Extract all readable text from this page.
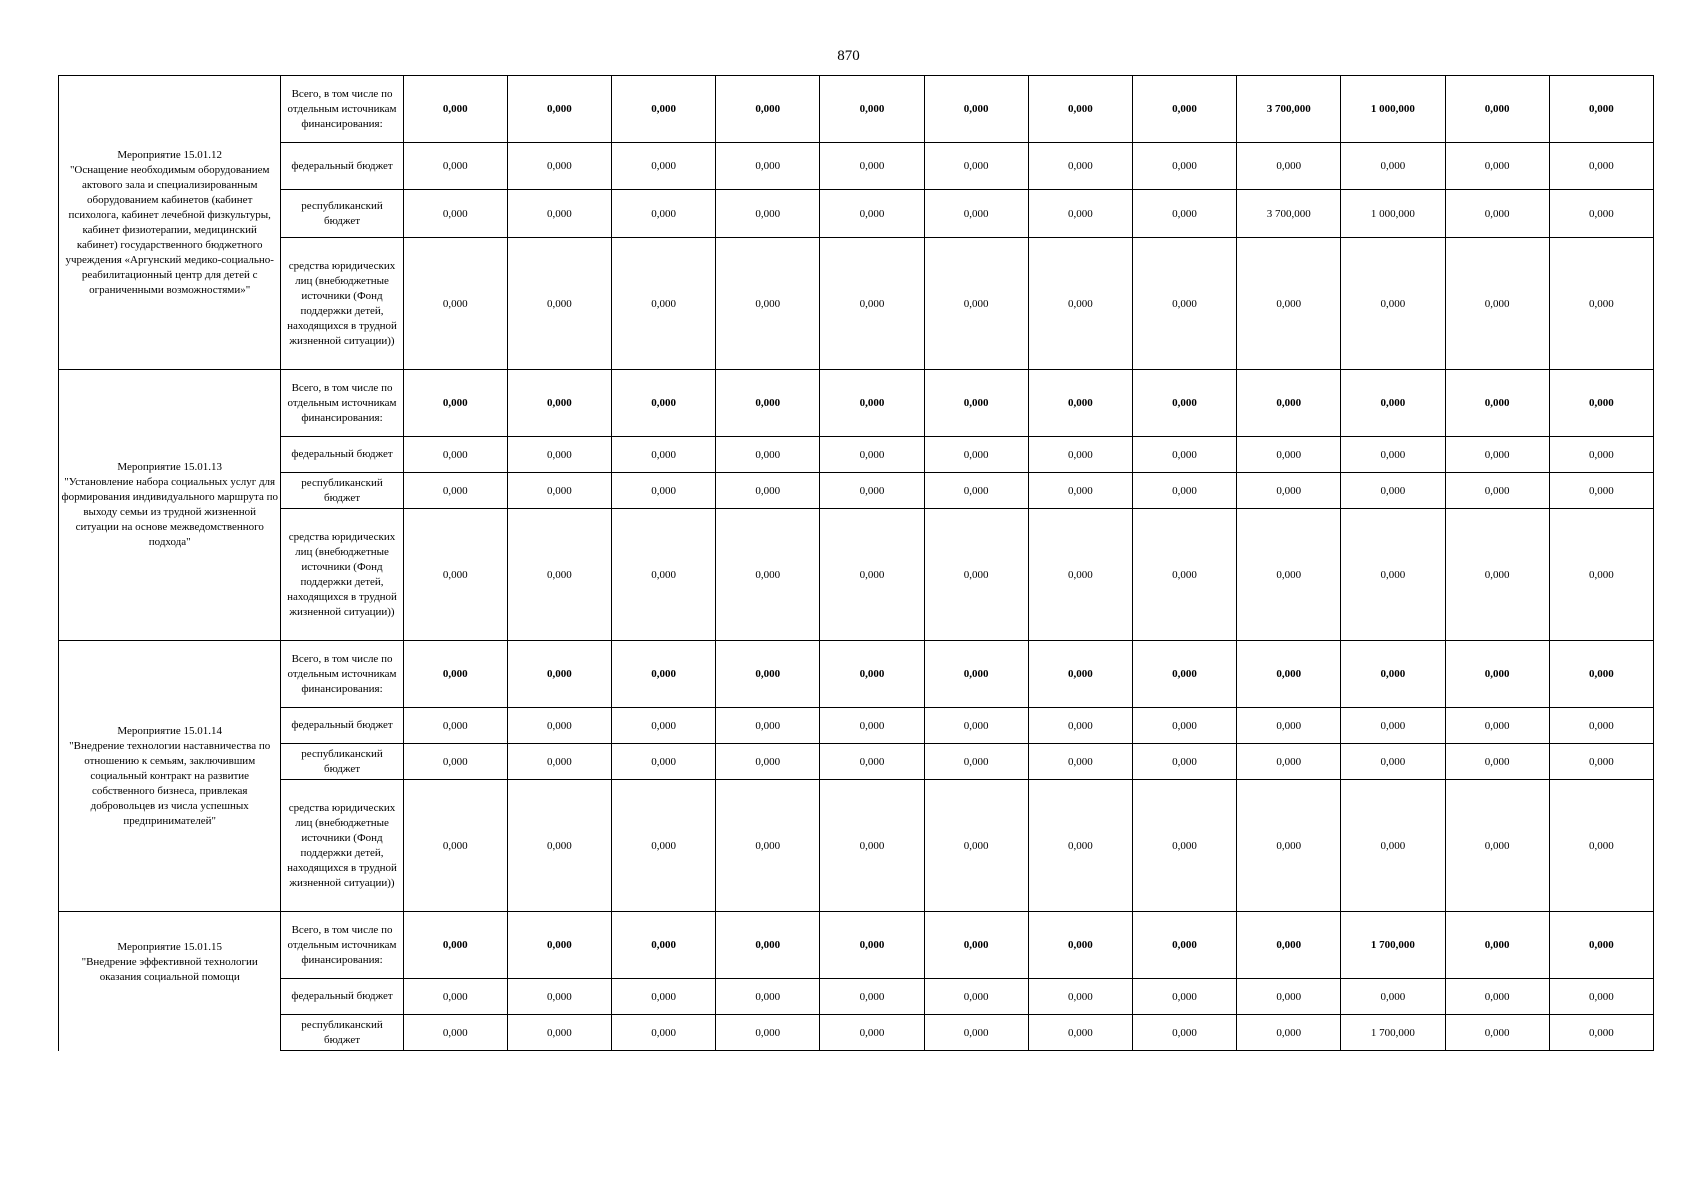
870
Мероприятие 15.01.12
"Оснащение необходимым оборудованием актового зала и специализированным оборудованием кабинетов (кабинет психолога, кабинет лечебной физкультуры, кабинет физиотерапии, медицинский кабинет) государственного бюджетного учреждения «Аргунский медико-социально-реабилитационный центр для детей с ограниченными возможностями»"	Всего, в том числе по отдельным источникам финансирования:	0,000	0,000	0,000	0,000	0,000	0,000	0,000	0,000	3 700,000	1 000,000	0,000	0,000
	федеральный бюджет	0,000	0,000	0,000	0,000	0,000	0,000	0,000	0,000	0,000	0,000	0,000	0,000
	республиканский бюджет	0,000	0,000	0,000	0,000	0,000	0,000	0,000	0,000	3 700,000	1 000,000	0,000	0,000
	средства юридических лиц (внебюджетные источники (Фонд поддержки детей, находящихся в трудной жизненной ситуации))	0,000	0,000	0,000	0,000	0,000	0,000	0,000	0,000	0,000	0,000	0,000	0,000
Мероприятие 15.01.13
"Установление набора социальных услуг для формирования индивидуального маршрута по выходу семьи из трудной жизненной ситуации на основе межведомственного подхода"	Всего, в том числе по отдельным источникам финансирования:	0,000	0,000	0,000	0,000	0,000	0,000	0,000	0,000	0,000	0,000	0,000	0,000
	федеральный бюджет	0,000	0,000	0,000	0,000	0,000	0,000	0,000	0,000	0,000	0,000	0,000	0,000
	республиканский бюджет	0,000	0,000	0,000	0,000	0,000	0,000	0,000	0,000	0,000	0,000	0,000	0,000
	средства юридических лиц (внебюджетные источники (Фонд поддержки детей, находящихся в трудной жизненной ситуации))	0,000	0,000	0,000	0,000	0,000	0,000	0,000	0,000	0,000	0,000	0,000	0,000
Мероприятие 15.01.14
"Внедрение технологии наставничества по отношению к семьям, заключившим социальный контракт на развитие собственного бизнеса, привлекая добровольцев из числа успешных предпринимателей"	Всего, в том числе по отдельным источникам финансирования:	0,000	0,000	0,000	0,000	0,000	0,000	0,000	0,000	0,000	0,000	0,000	0,000
	федеральный бюджет	0,000	0,000	0,000	0,000	0,000	0,000	0,000	0,000	0,000	0,000	0,000	0,000
	республиканский бюджет	0,000	0,000	0,000	0,000	0,000	0,000	0,000	0,000	0,000	0,000	0,000	0,000
	средства юридических лиц (внебюджетные источники (Фонд поддержки детей, находящихся в трудной жизненной ситуации))	0,000	0,000	0,000	0,000	0,000	0,000	0,000	0,000	0,000	0,000	0,000	0,000
Мероприятие 15.01.15
"Внедрение эффективной технологии оказания социальной помощи	Всего, в том числе по отдельным источникам финансирования:	0,000	0,000	0,000	0,000	0,000	0,000	0,000	0,000	0,000	1 700,000	0,000	0,000
	федеральный бюджет	0,000	0,000	0,000	0,000	0,000	0,000	0,000	0,000	0,000	0,000	0,000	0,000
	республиканский бюджет	0,000	0,000	0,000	0,000	0,000	0,000	0,000	0,000	0,000	1 700,000	0,000	0,000
